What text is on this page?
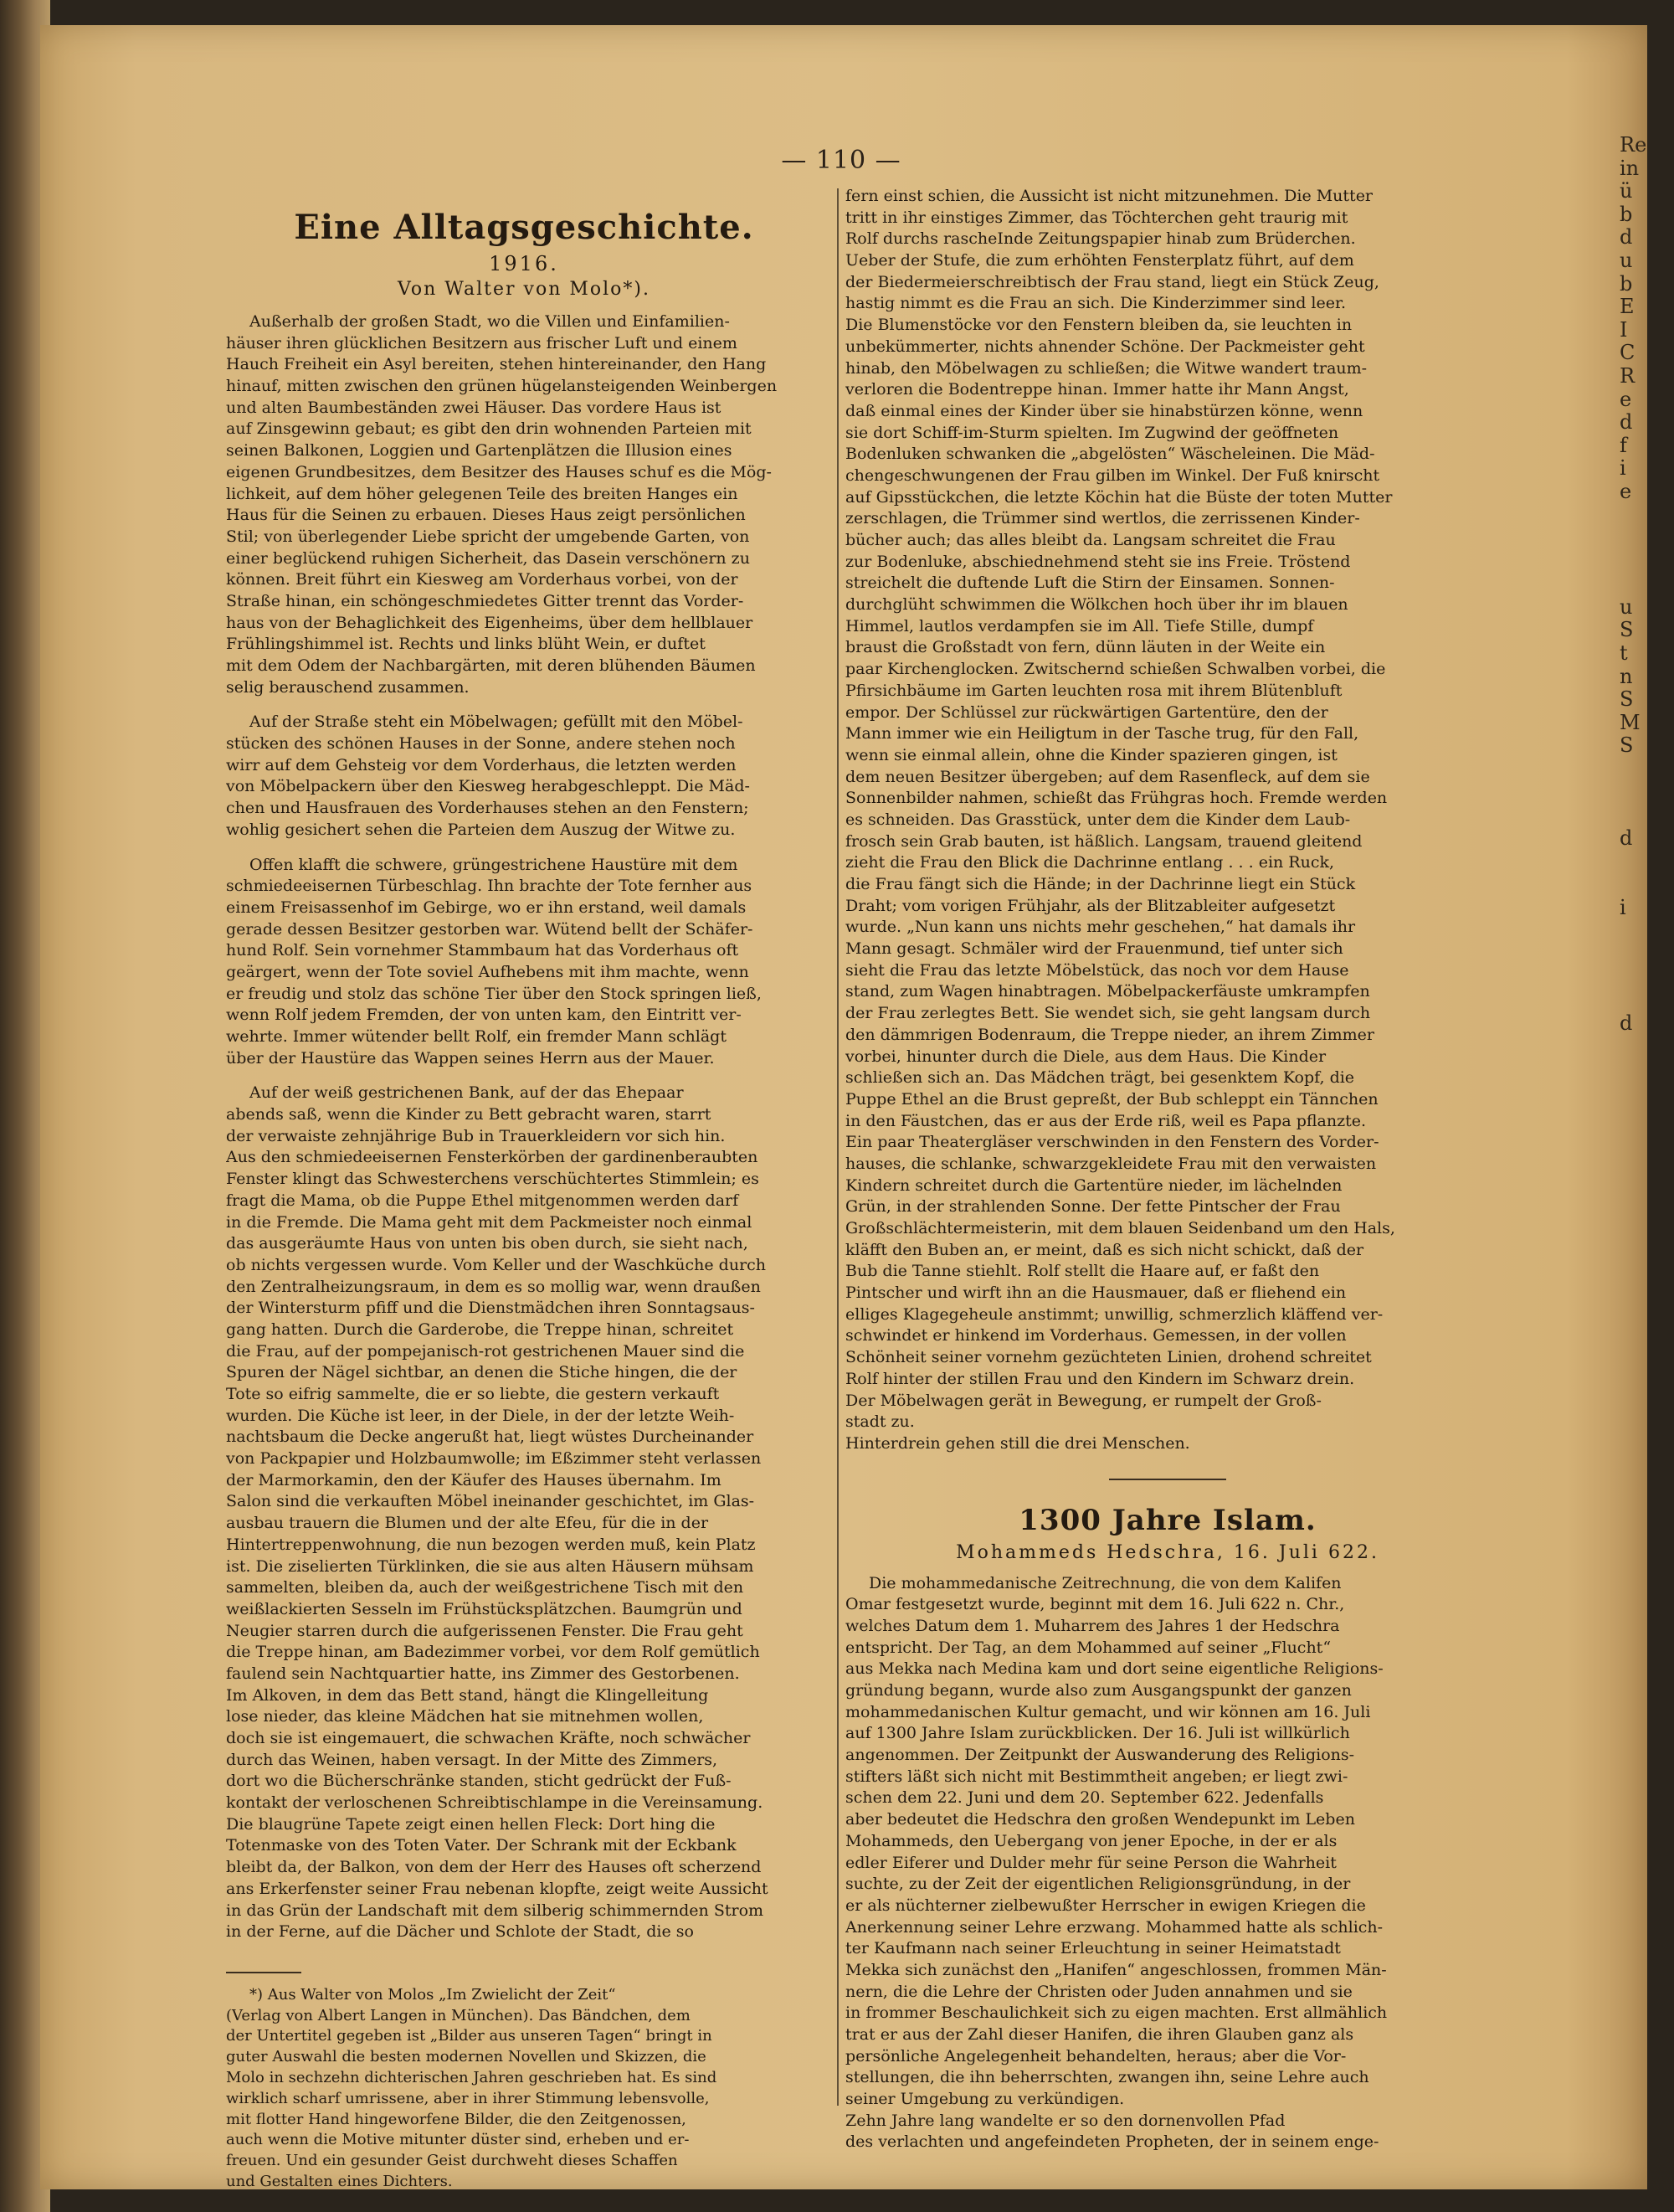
— 110 —
Eine Alltagsgeschichte.
1916.
Von Walter von Molo*).
Außerhalb der großen Stadt, wo die Villen und Einfamilien-
häuser ihren glücklichen Besitzern aus frischer Luft und einem
Hauch Freiheit ein Asyl bereiten, stehen hintereinander, den Hang
hinauf, mitten zwischen den grünen hügelansteigenden Weinbergen
und alten Baumbeständen zwei Häuser. Das vordere Haus ist
auf Zinsgewinn gebaut; es gibt den drin wohnenden Parteien mit
seinen Balkonen, Loggien und Gartenplätzen die Illusion eines
eigenen Grundbesitzes, dem Besitzer des Hauses schuf es die Mög-
lichkeit, auf dem höher gelegenen Teile des breiten Hanges ein
Haus für die Seinen zu erbauen. Dieses Haus zeigt persönlichen
Stil; von überlegender Liebe spricht der umgebende Garten, von
einer beglückend ruhigen Sicherheit, das Dasein verschönern zu
können. Breit führt ein Kiesweg am Vorderhaus vorbei, von der
Straße hinan, ein schöngeschmiedetes Gitter trennt das Vorder-
haus von der Behaglichkeit des Eigenheims, über dem hellblauer
Frühlingshimmel ist. Rechts und links blüht Wein, er duftet
mit dem Odem der Nachbargärten, mit deren blühenden Bäumen
selig berauschend zusammen.
Auf der Straße steht ein Möbelwagen; gefüllt mit den Möbel-
stücken des schönen Hauses in der Sonne, andere stehen noch
wirr auf dem Gehsteig vor dem Vorderhaus, die letzten werden
von Möbelpackern über den Kiesweg herabgeschleppt. Die Mäd-
chen und Hausfrauen des Vorderhauses stehen an den Fenstern;
wohlig gesichert sehen die Parteien dem Auszug der Witwe zu.
Offen klafft die schwere, grüngestrichene Haustüre mit dem
schmiedeeisernen Türbeschlag. Ihn brachte der Tote fernher aus
einem Freisassenhof im Gebirge, wo er ihn erstand, weil damals
gerade dessen Besitzer gestorben war. Wütend bellt der Schäfer-
hund Rolf. Sein vornehmer Stammbaum hat das Vorderhaus oft
geärgert, wenn der Tote soviel Aufhebens mit ihm machte, wenn
er freudig und stolz das schöne Tier über den Stock springen ließ,
wenn Rolf jedem Fremden, der von unten kam, den Eintritt ver-
wehrte. Immer wütender bellt Rolf, ein fremder Mann schlägt
über der Haustüre das Wappen seines Herrn aus der Mauer.
Auf der weiß gestrichenen Bank, auf der das Ehepaar
abends saß, wenn die Kinder zu Bett gebracht waren, starrt
der verwaiste zehnjährige Bub in Trauerkleidern vor sich hin.
Aus den schmiedeeisernen Fensterkörben der gardinenberaubten
Fenster klingt das Schwesterchens verschüchtertes Stimmlein; es
fragt die Mama, ob die Puppe Ethel mitgenommen werden darf
in die Fremde. Die Mama geht mit dem Packmeister noch einmal
das ausgeräumte Haus von unten bis oben durch, sie sieht nach,
ob nichts vergessen wurde. Vom Keller und der Waschküche durch
den Zentralheizungsraum, in dem es so mollig war, wenn draußen
der Wintersturm pfiff und die Dienstmädchen ihren Sonntagsaus-
gang hatten. Durch die Garderobe, die Treppe hinan, schreitet
die Frau, auf der pompejanisch-rot gestrichenen Mauer sind die
Spuren der Nägel sichtbar, an denen die Stiche hingen, die der
Tote so eifrig sammelte, die er so liebte, die gestern verkauft
wurden. Die Küche ist leer, in der Diele, in der der letzte Weih-
nachtsbaum die Decke angerußt hat, liegt wüstes Durcheinander
von Packpapier und Holzbaumwolle; im Eßzimmer steht verlassen
der Marmorkamin, den der Käufer des Hauses übernahm. Im
Salon sind die verkauften Möbel ineinander geschichtet, im Glas-
ausbau trauern die Blumen und der alte Efeu, für die in der
Hintertreppenwohnung, die nun bezogen werden muß, kein Platz
ist. Die ziselierten Türklinken, die sie aus alten Häusern mühsam
sammelten, bleiben da, auch der weißgestrichene Tisch mit den
weißlackierten Sesseln im Frühstücksplätzchen. Baumgrün und
Neugier starren durch die aufgerissenen Fenster. Die Frau geht
die Treppe hinan, am Badezimmer vorbei, vor dem Rolf gemütlich
faulend sein Nachtquartier hatte, ins Zimmer des Gestorbenen.
Im Alkoven, in dem das Bett stand, hängt die Klingelleitung
lose nieder, das kleine Mädchen hat sie mitnehmen wollen,
doch sie ist eingemauert, die schwachen Kräfte, noch schwächer
durch das Weinen, haben versagt. In der Mitte des Zimmers,
dort wo die Bücherschränke standen, sticht gedrückt der Fuß-
kontakt der verloschenen Schreibtischlampe in die Vereinsamung.
Die blaugrüne Tapete zeigt einen hellen Fleck: Dort hing die
Totenmaske von des Toten Vater. Der Schrank mit der Eckbank
bleibt da, der Balkon, von dem der Herr des Hauses oft scherzend
ans Erkerfenster seiner Frau nebenan klopfte, zeigt weite Aussicht
in das Grün der Landschaft mit dem silberig schimmernden Strom
in der Ferne, auf die Dächer und Schlote der Stadt, die so
*) Aus Walter von Molos „Im Zwielicht der Zeit“
(Verlag von Albert Langen in München). Das Bändchen, dem
der Untertitel gegeben ist „Bilder aus unseren Tagen“ bringt in
guter Auswahl die besten modernen Novellen und Skizzen, die
Molo in sechzehn dichterischen Jahren geschrieben hat. Es sind
wirklich scharf umrissene, aber in ihrer Stimmung lebensvolle,
mit flotter Hand hingeworfene Bilder, die den Zeitgenossen,
auch wenn die Motive mitunter düster sind, erheben und er-
freuen. Und ein gesunder Geist durchweht dieses Schaffen
und Gestalten eines Dichters.
fern einst schien, die Aussicht ist nicht mitzunehmen. Die Mutter
tritt in ihr einstiges Zimmer, das Töchterchen geht traurig mit
Rolf durchs rascheInde Zeitungspapier hinab zum Brüderchen.
Ueber der Stufe, die zum erhöhten Fensterplatz führt, auf dem
der Biedermeierschreibtisch der Frau stand, liegt ein Stück Zeug,
hastig nimmt es die Frau an sich. Die Kinderzimmer sind leer.
Die Blumenstöcke vor den Fenstern bleiben da, sie leuchten in
unbekümmerter, nichts ahnender Schöne. Der Packmeister geht
hinab, den Möbelwagen zu schließen; die Witwe wandert traum-
verloren die Bodentreppe hinan. Immer hatte ihr Mann Angst,
daß einmal eines der Kinder über sie hinabstürzen könne, wenn
sie dort Schiff-im-Sturm spielten. Im Zugwind der geöffneten
Bodenluken schwanken die „abgelösten“ Wäscheleinen. Die Mäd-
chengeschwungenen der Frau gilben im Winkel. Der Fuß knirscht
auf Gipsstückchen, die letzte Köchin hat die Büste der toten Mutter
zerschlagen, die Trümmer sind wertlos, die zerrissenen Kinder-
bücher auch; das alles bleibt da. Langsam schreitet die Frau
zur Bodenluke, abschiednehmend steht sie ins Freie. Tröstend
streichelt die duftende Luft die Stirn der Einsamen. Sonnen-
durchglüht schwimmen die Wölkchen hoch über ihr im blauen
Himmel, lautlos verdampfen sie im All. Tiefe Stille, dumpf
braust die Großstadt von fern, dünn läuten in der Weite ein
paar Kirchenglocken. Zwitschernd schießen Schwalben vorbei, die
Pfirsichbäume im Garten leuchten rosa mit ihrem Blütenbluft
empor. Der Schlüssel zur rückwärtigen Gartentüre, den der
Mann immer wie ein Heiligtum in der Tasche trug, für den Fall,
wenn sie einmal allein, ohne die Kinder spazieren gingen, ist
dem neuen Besitzer übergeben; auf dem Rasenfleck, auf dem sie
Sonnenbilder nahmen, schießt das Frühgras hoch. Fremde werden
es schneiden. Das Grasstück, unter dem die Kinder dem Laub-
frosch sein Grab bauten, ist häßlich. Langsam, trauend gleitend
zieht die Frau den Blick die Dachrinne entlang . . . ein Ruck,
die Frau fängt sich die Hände; in der Dachrinne liegt ein Stück
Draht; vom vorigen Frühjahr, als der Blitzableiter aufgesetzt
wurde. „Nun kann uns nichts mehr geschehen,“ hat damals ihr
Mann gesagt. Schmäler wird der Frauenmund, tief unter sich
sieht die Frau das letzte Möbelstück, das noch vor dem Hause
stand, zum Wagen hinabtragen. Möbelpackerfäuste umkrampfen
der Frau zerlegtes Bett. Sie wendet sich, sie geht langsam durch
den dämmrigen Bodenraum, die Treppe nieder, an ihrem Zimmer
vorbei, hinunter durch die Diele, aus dem Haus. Die Kinder
schließen sich an. Das Mädchen trägt, bei gesenktem Kopf, die
Puppe Ethel an die Brust gepreßt, der Bub schleppt ein Tännchen
in den Fäustchen, das er aus der Erde riß, weil es Papa pflanzte.
Ein paar Theatergläser verschwinden in den Fenstern des Vorder-
hauses, die schlanke, schwarzgekleidete Frau mit den verwaisten
Kindern schreitet durch die Gartentüre nieder, im lächelnden
Grün, in der strahlenden Sonne. Der fette Pintscher der Frau
Großschlächtermeisterin, mit dem blauen Seidenband um den Hals,
kläfft den Buben an, er meint, daß es sich nicht schickt, daß der
Bub die Tanne stiehlt. Rolf stellt die Haare auf, er faßt den
Pintscher und wirft ihn an die Hausmauer, daß er fliehend ein
elliges Klagegeheule anstimmt; unwillig, schmerzlich kläffend ver-
schwindet er hinkend im Vorderhaus. Gemessen, in der vollen
Schönheit seiner vornehm gezüchteten Linien, drohend schreitet
Rolf hinter der stillen Frau und den Kindern im Schwarz drein.
Der Möbelwagen gerät in Bewegung, er rumpelt der Groß-
stadt zu.
Hinterdrein gehen still die drei Menschen.
1300 Jahre Islam.
Mohammeds Hedschra, 16. Juli 622.
Die mohammedanische Zeitrechnung, die von dem Kalifen
Omar festgesetzt wurde, beginnt mit dem 16. Juli 622 n. Chr.,
welches Datum dem 1. Muharrem des Jahres 1 der Hedschra
entspricht. Der Tag, an dem Mohammed auf seiner „Flucht“
aus Mekka nach Medina kam und dort seine eigentliche Religions-
gründung begann, wurde also zum Ausgangspunkt der ganzen
mohammedanischen Kultur gemacht, und wir können am 16. Juli
auf 1300 Jahre Islam zurückblicken. Der 16. Juli ist willkürlich
angenommen. Der Zeitpunkt der Auswanderung des Religions-
stifters läßt sich nicht mit Bestimmtheit angeben; er liegt zwi-
schen dem 22. Juni und dem 20. September 622. Jedenfalls
aber bedeutet die Hedschra den großen Wendepunkt im Leben
Mohammeds, den Uebergang von jener Epoche, in der er als
edler Eiferer und Dulder mehr für seine Person die Wahrheit
suchte, zu der Zeit der eigentlichen Religionsgründung, in der
er als nüchterner zielbewußter Herrscher in ewigen Kriegen die
Anerkennung seiner Lehre erzwang. Mohammed hatte als schlich-
ter Kaufmann nach seiner Erleuchtung in seiner Heimatstadt
Mekka sich zunächst den „Hanifen“ angeschlossen, frommen Män-
nern, die die Lehre der Christen oder Juden annahmen und sie
in frommer Beschaulichkeit sich zu eigen machten. Erst allmählich
trat er aus der Zahl dieser Hanifen, die ihren Glauben ganz als
persönliche Angelegenheit behandelten, heraus; aber die Vor-
stellungen, die ihn beherrschten, zwangen ihn, seine Lehre auch
seiner Umgebung zu verkündigen.
Zehn Jahre lang wandelte er so den dornenvollen Pfad
des verlachten und angefeindeten Propheten, der in seinem enge-
Re
in
ü
b
d
u
b
E
I
C
R
e
d
f
i
e
u
S
t
n
S
M
S
d
i
d
